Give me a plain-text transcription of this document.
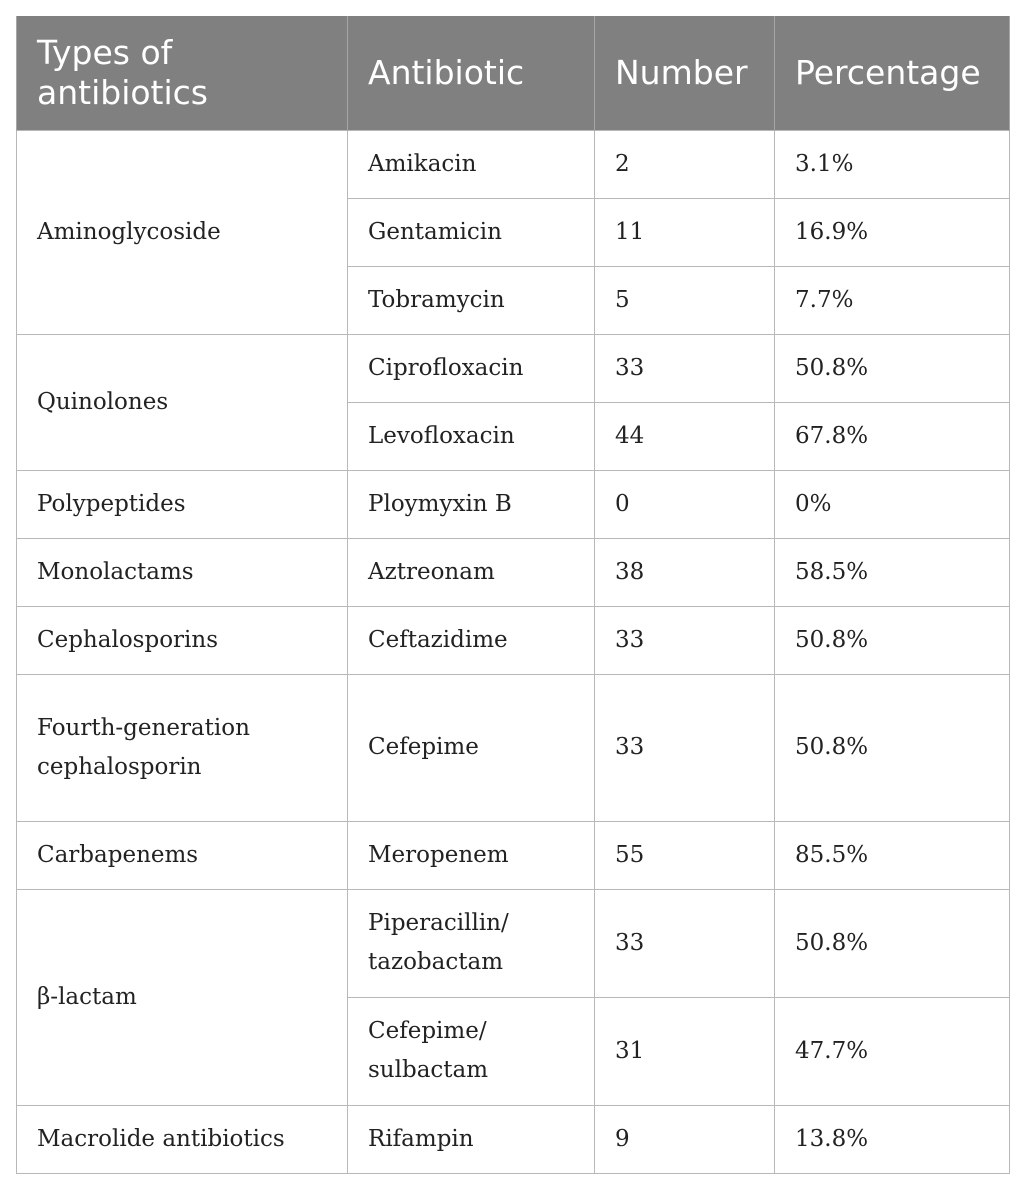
Types of antibiotics	Antibiotic	Number	Percentage
Aminoglycoside	Amikacin	2	3.1%
	Gentamicin	11	16.9%
	Tobramycin	5	7.7%
Quinolones	Ciprofloxacin	33	50.8%
	Levofloxacin	44	67.8%
Polypeptides	Ploymyxin B	0	0%
Monolactams	Aztreonam	38	58.5%
Cephalosporins	Ceftazidime	33	50.8%
Fourth-generation cephalosporin	Cefepime	33	50.8%
Carbapenems	Meropenem	55	85.5%
β-lactam	Piperacillin/ tazobactam	33	50.8%
	Cefepime/ sulbactam	31	47.7%
Macrolide antibiotics	Rifampin	9	13.8%
